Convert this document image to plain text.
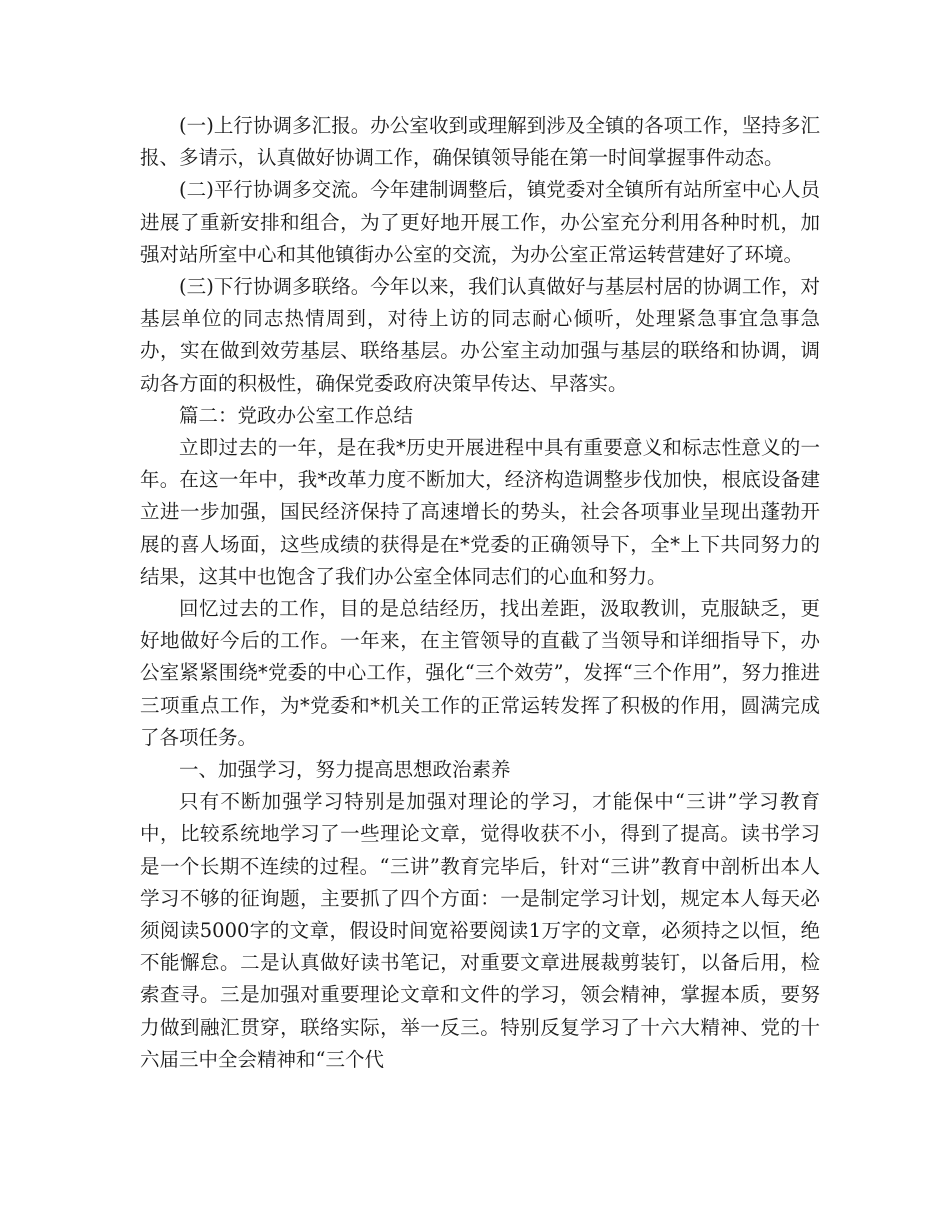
(一)上行协调多汇报。办公室收到或理解到涉及全镇的各项工作，坚持多汇报、多请示，认真做好协调工作，确保镇领导能在第一时间掌握事件动态。

(二)平行协调多交流。今年建制调整后，镇党委对全镇所有站所室中心人员进展了重新安排和组合，为了更好地开展工作，办公室充分利用各种时机，加强对站所室中心和其他镇街办公室的交流，为办公室正常运转营建好了环境。

(三)下行协调多联络。今年以来，我们认真做好与基层村居的协调工作，对基层单位的同志热情周到，对待上访的同志耐心倾听，处理紧急事宜急事急办，实在做到效劳基层、联络基层。办公室主动加强与基层的联络和协调，调动各方面的积极性，确保党委政府决策早传达、早落实。

篇二：党政办公室工作总结

立即过去的一年，是在我*历史开展进程中具有重要意义和标志性意义的一年。在这一年中，我*改革力度不断加大，经济构造调整步伐加快，根底设备建立进一步加强，国民经济保持了高速增长的势头，社会各项事业呈现出蓬勃开展的喜人场面，这些成绩的获得是在*党委的正确领导下，全*上下共同努力的结果，这其中也饱含了我们办公室全体同志们的心血和努力。

回忆过去的工作，目的是总结经历，找出差距，汲取教训，克服缺乏，更好地做好今后的工作。一年来，在主管领导的直截了当领导和详细指导下，办公室紧紧围绕*党委的中心工作，强化“三个效劳”，发挥“三个作用”，努力推进三项重点工作，为*党委和*机关工作的正常运转发挥了积极的作用，圆满完成了各项任务。

一、加强学习，努力提高思想政治素养

只有不断加强学习特别是加强对理论的学习，才能保中“三讲”学习教育中，比较系统地学习了一些理论文章，觉得收获不小，得到了提高。读书学习是一个长期不连续的过程。“三讲”教育完毕后，针对“三讲”教育中剖析出本人学习不够的征询题，主要抓了四个方面：一是制定学习计划，规定本人每天必须阅读5000字的文章，假设时间宽裕要阅读1万字的文章，必须持之以恒，绝不能懈怠。二是认真做好读书笔记，对重要文章进展裁剪装钉，以备后用，检索查寻。三是加强对重要理论文章和文件的学习，领会精神，掌握本质，要努力做到融汇贯穿，联络实际，举一反三。特别反复学习了十六大精神、党的十六届三中全会精神和“三个代
